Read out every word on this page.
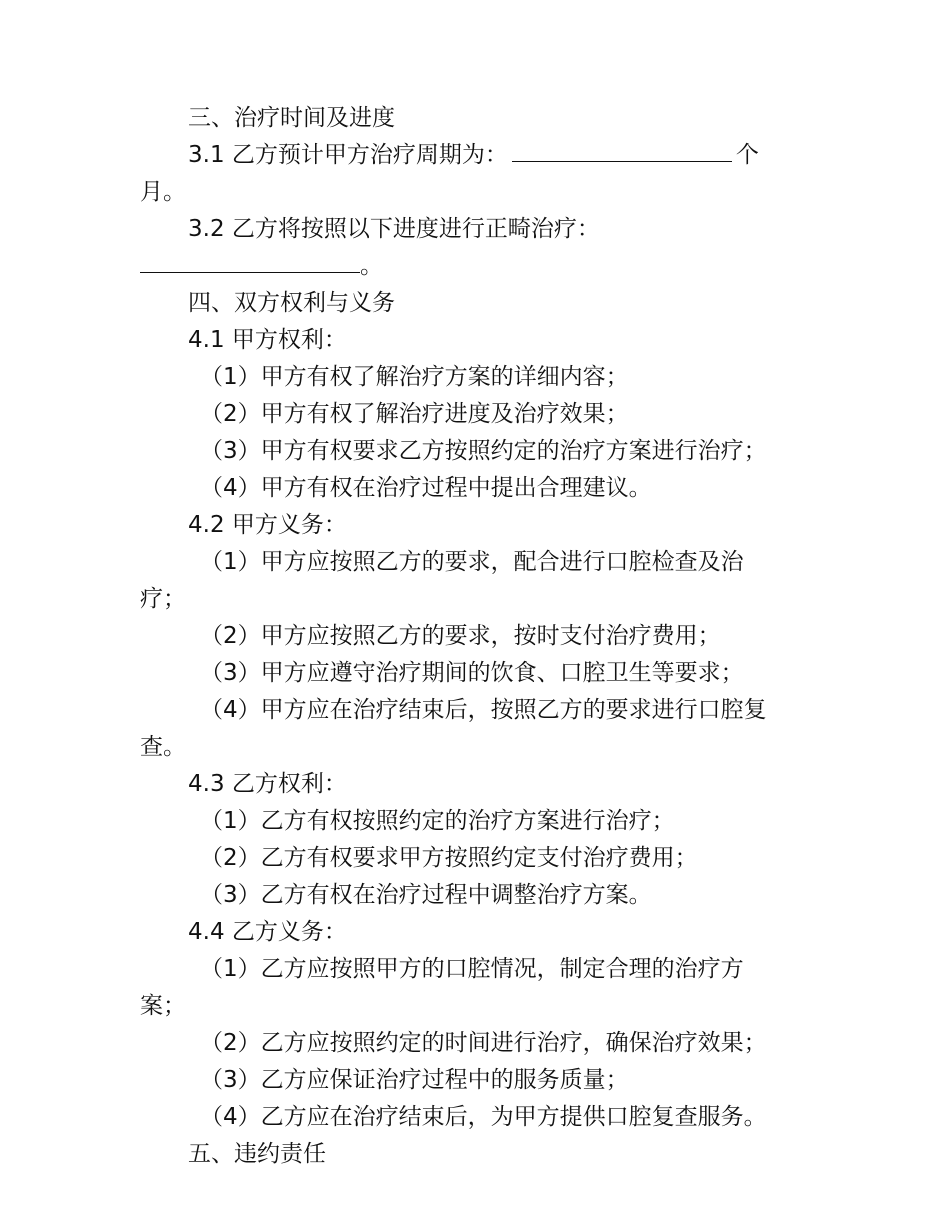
三、治疗时间及进度
3.1 乙方预计甲方治疗周期为：	个
月。
3.2 乙方将按照以下进度进行正畸治疗：
。
四、双方权利与义务
4.1 甲方权利：
（1）甲方有权了解治疗方案的详细内容；
（2）甲方有权了解治疗进度及治疗效果；
（3）甲方有权要求乙方按照约定的治疗方案进行治疗；
（4）甲方有权在治疗过程中提出合理建议。
4.2 甲方义务：
（1）甲方应按照乙方的要求，配合进行口腔检查及治
疗；
（2）甲方应按照乙方的要求，按时支付治疗费用；
（3）甲方应遵守治疗期间的饮食、口腔卫生等要求；
（4）甲方应在治疗结束后，按照乙方的要求进行口腔复
查。
4.3 乙方权利：
（1）乙方有权按照约定的治疗方案进行治疗；
（2）乙方有权要求甲方按照约定支付治疗费用；
（3）乙方有权在治疗过程中调整治疗方案。
4.4 乙方义务：
（1）乙方应按照甲方的口腔情况，制定合理的治疗方
案；
（2）乙方应按照约定的时间进行治疗，确保治疗效果；
（3）乙方应保证治疗过程中的服务质量；
（4）乙方应在治疗结束后，为甲方提供口腔复查服务。
五、违约责任
